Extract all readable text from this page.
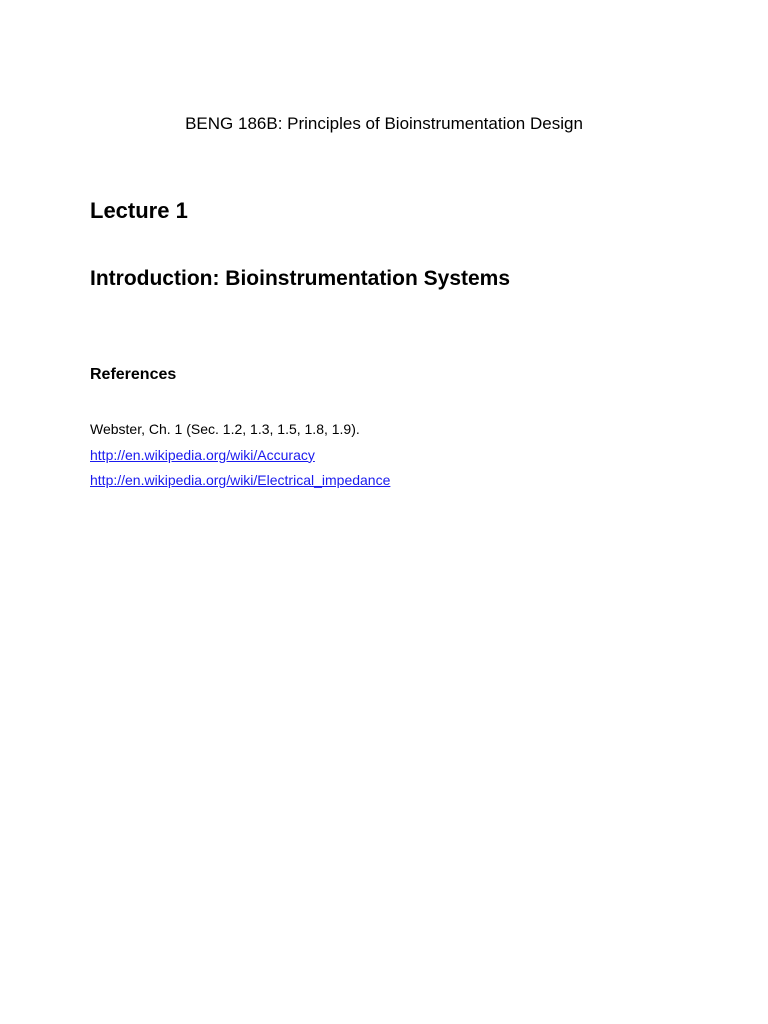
BENG 186B: Principles of Bioinstrumentation Design
Lecture 1
Introduction: Bioinstrumentation Systems
References
Webster, Ch. 1 (Sec. 1.2, 1.3, 1.5, 1.8, 1.9).
http://en.wikipedia.org/wiki/Accuracy
http://en.wikipedia.org/wiki/Electrical_impedance
